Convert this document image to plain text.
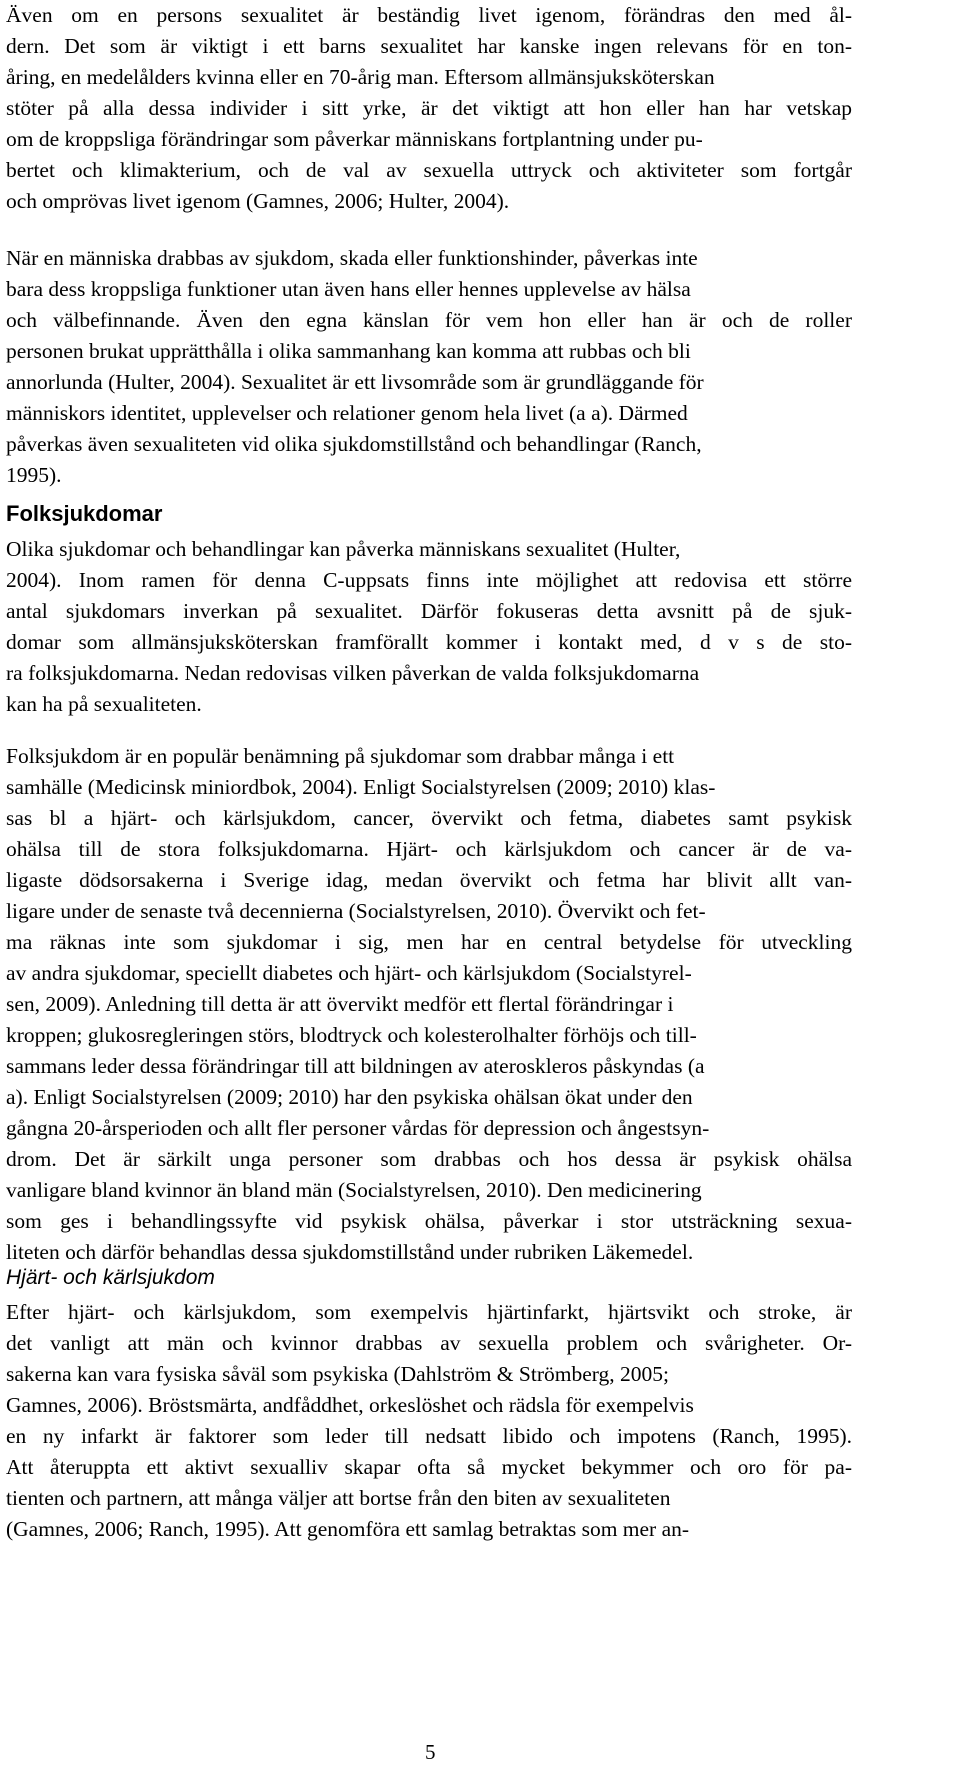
Även om en persons sexualitet är beständig livet igenom, förändras den med ål-
dern. Det som är viktigt i ett barns sexualitet har kanske ingen relevans för en ton-
åring, en medelålders kvinna eller en 70-årig man. Eftersom allmänsjuksköterskan
stöter på alla dessa individer i sitt yrke, är det viktigt att hon eller han har vetskap
om de kroppsliga förändringar som påverkar människans fortplantning under pu-
bertet och klimakterium, och de val av sexuella uttryck och aktiviteter som fortgår
och omprövas livet igenom (Gamnes, 2006; Hulter, 2004).

När en människa drabbas av sjukdom, skada eller funktionshinder, påverkas inte
bara dess kroppsliga funktioner utan även hans eller hennes upplevelse av hälsa
och välbefinnande. Även den egna känslan för vem hon eller han är och de roller
personen brukat upprätthålla i olika sammanhang kan komma att rubbas och bli
annorlunda (Hulter, 2004). Sexualitet är ett livsområde som är grundläggande för
människors identitet, upplevelser och relationer genom hela livet (a a). Därmed
påverkas även sexualiteten vid olika sjukdomstillstånd och behandlingar (Ranch,
1995).

Folksjukdomar

Olika sjukdomar och behandlingar kan påverka människans sexualitet (Hulter,
2004). Inom ramen för denna C-uppsats finns inte möjlighet att redovisa ett större
antal sjukdomars inverkan på sexualitet. Därför fokuseras detta avsnitt på de sjuk-
domar som allmänsjuksköterskan framförallt kommer i kontakt med, d v s de sto-
ra folksjukdomarna. Nedan redovisas vilken påverkan de valda folksjukdomarna
kan ha på sexualiteten.

Folksjukdom är en populär benämning på sjukdomar som drabbar många i ett
samhälle (Medicinsk miniordbok, 2004). Enligt Socialstyrelsen (2009; 2010) klas-
sas bl a hjärt- och kärlsjukdom, cancer, övervikt och fetma, diabetes samt psykisk
ohälsa till de stora folksjukdomarna. Hjärt- och kärlsjukdom och cancer är de va-
ligaste dödsorsakerna i Sverige idag, medan övervikt och fetma har blivit allt van-
ligare under de senaste två decennierna (Socialstyrelsen, 2010). Övervikt och fet-
ma räknas inte som sjukdomar i sig, men har en central betydelse för utveckling
av andra sjukdomar, speciellt diabetes och hjärt- och kärlsjukdom (Socialstyrel-
sen, 2009). Anledning till detta är att övervikt medför ett flertal förändringar i
kroppen; glukosregleringen störs, blodtryck och kolesterolhalter förhöjs och till-
sammans leder dessa förändringar till att bildningen av ateroskleros påskyndas (a
a). Enligt Socialstyrelsen (2009; 2010) har den psykiska ohälsan ökat under den
gångna 20-årsperioden och allt fler personer vårdas för depression och ångestsyn-
drom. Det är särkilt unga personer som drabbas och hos dessa är psykisk ohälsa
vanligare bland kvinnor än bland män (Socialstyrelsen, 2010). Den medicinering
som ges i behandlingssyfte vid psykisk ohälsa, påverkar i stor utsträckning sexua-
liteten och därför behandlas dessa sjukdomstillstånd under rubriken Läkemedel.

Hjärt- och kärlsjukdom

Efter hjärt- och kärlsjukdom, som exempelvis hjärtinfarkt, hjärtsvikt och stroke, är
det vanligt att män och kvinnor drabbas av sexuella problem och svårigheter. Or-
sakerna kan vara fysiska såväl som psykiska (Dahlström & Strömberg, 2005;
Gamnes, 2006). Bröstsmärta, andfåddhet, orkeslöshet och rädsla för exempelvis
en ny infarkt är faktorer som leder till nedsatt libido och impotens (Ranch, 1995).
Att återuppta ett aktivt sexualliv skapar ofta så mycket bekymmer och oro för pa-
tienten och partnern, att många väljer att bortse från den biten av sexualiteten
(Gamnes, 2006; Ranch, 1995). Att genomföra ett samlag betraktas som mer an-

5
